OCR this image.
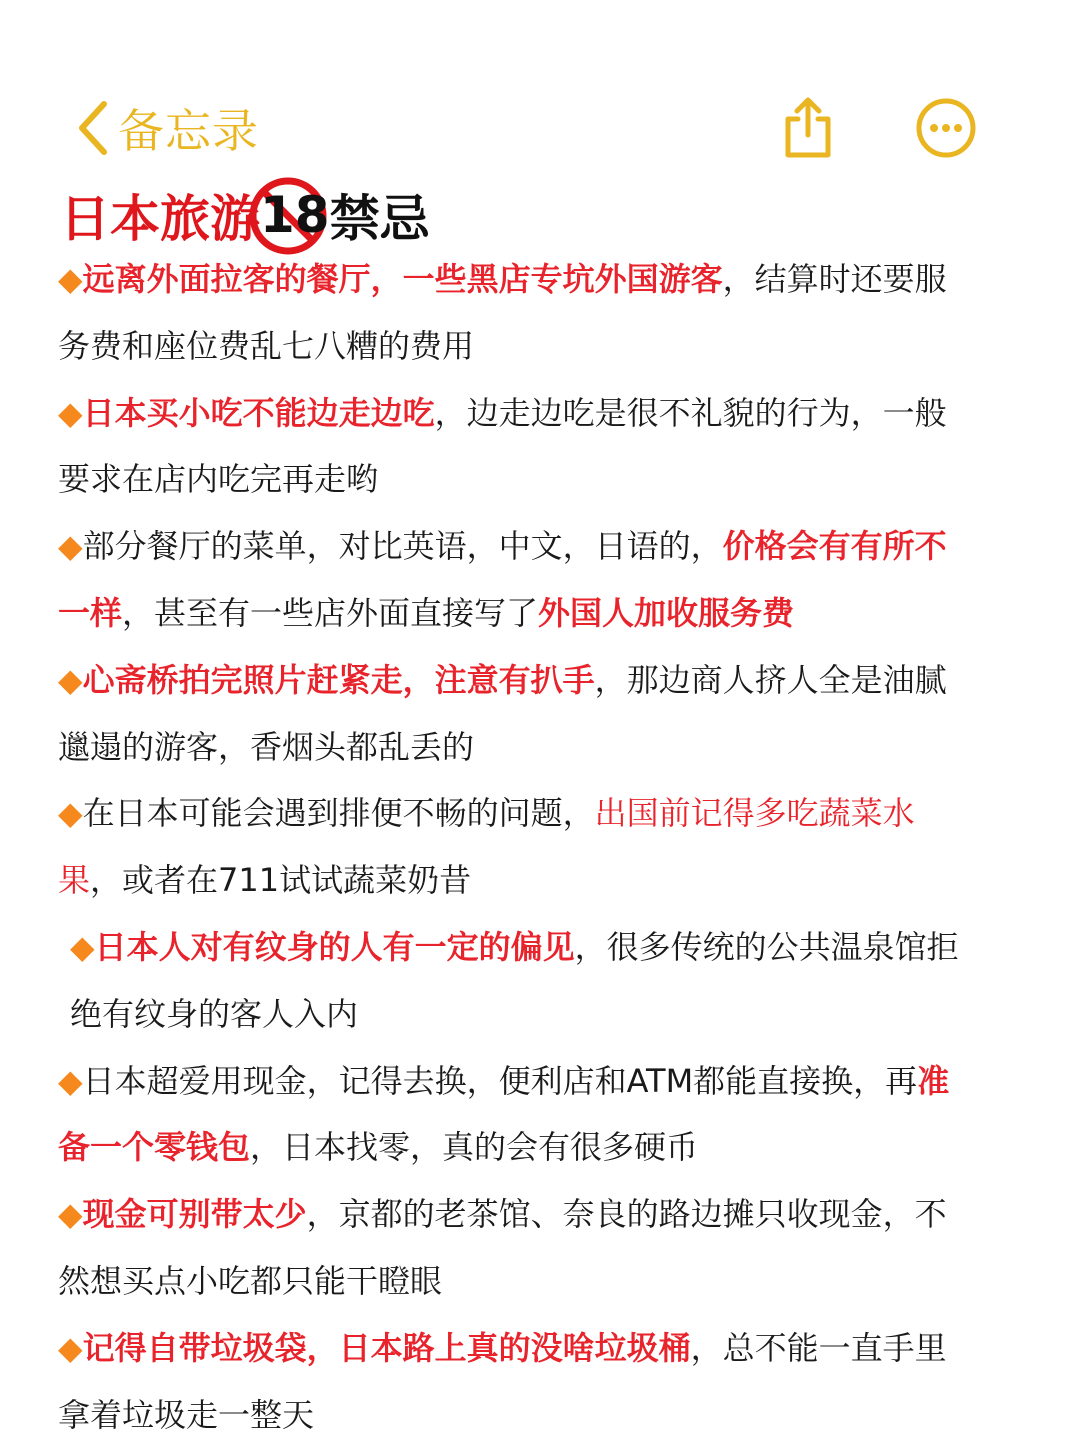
备忘录
日本旅游 18 禁忌

◆远离外面拉客的餐厅，一些黑店专坑外国游客，结算时还要服务费和座位费乱七八糟的费用

◆日本买小吃不能边走边吃，边走边吃是很不礼貌的行为，一般要求在店内吃完再走哟

◆部分餐厅的菜单，对比英语，中文，日语的，价格会有有所不一样，甚至有一些店外面直接写了外国人加收服务费

◆心斋桥拍完照片赶紧走，注意有扒手，那边商人挤人全是油腻邋遢的游客，香烟头都乱丢的

◆在日本可能会遇到排便不畅的问题，出国前记得多吃蔬菜水果，或者在711试试蔬菜奶昔

◆日本人对有纹身的人有一定的偏见，很多传统的公共温泉馆拒绝有纹身的客人入内

◆日本超爱用现金，记得去换，便利店和ATM都能直接换，再准备一个零钱包，日本找零，真的会有很多硬币

◆现金可别带太少，京都的老茶馆、奈良的路边摊只收现金，不然想买点小吃都只能干瞪眼

◆记得自带垃圾袋，日本路上真的没啥垃圾桶，总不能一直手里拿着垃圾走一整天
